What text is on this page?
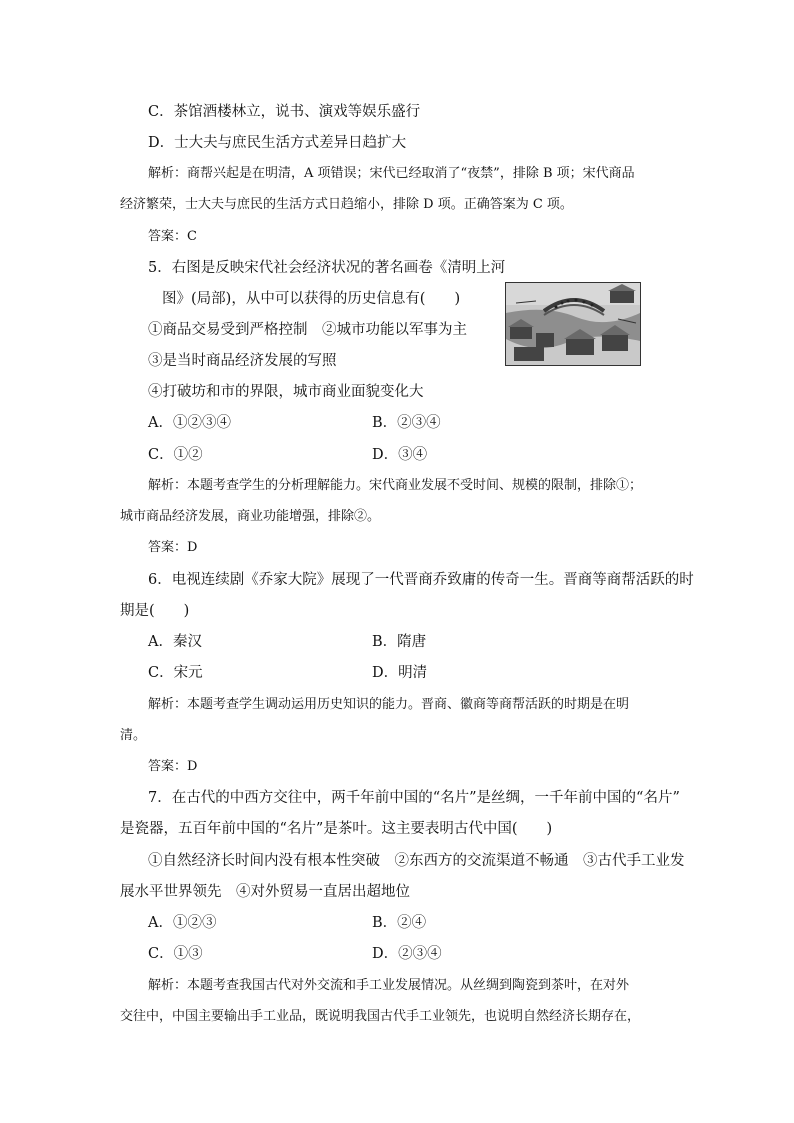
C．茶馆酒楼林立，说书、演戏等娱乐盛行
D．士大夫与庶民生活方式差异日趋扩大
解析：商帮兴起是在明清，A 项错误；宋代已经取消了“夜禁”，排除 B 项；宋代商品
经济繁荣，士大夫与庶民的生活方式日趋缩小，排除 D 项。正确答案为 C 项。
答案：C
5．右图是反映宋代社会经济状况的著名画卷《清明上河
图》(局部)，从中可以获得的历史信息有(　　)
①商品交易受到严格控制　②城市功能以军事为主
③是当时商品经济发展的写照
④打破坊和市的界限，城市商业面貌变化大
A．①②③④	B．②③④
C．①②	D．③④
解析：本题考查学生的分析理解能力。宋代商业发展不受时间、规模的限制，排除①；
城市商品经济发展，商业功能增强，排除②。
答案：D
6．电视连续剧《乔家大院》展现了一代晋商乔致庸的传奇一生。晋商等商帮活跃的时
期是(　　)
A．秦汉	B．隋唐
C．宋元	D．明清
解析：本题考查学生调动运用历史知识的能力。晋商、徽商等商帮活跃的时期是在明
清。
答案：D
7．在古代的中西方交往中，两千年前中国的“名片”是丝绸，一千年前中国的“名片”
是瓷器，五百年前中国的“名片”是茶叶。这主要表明古代中国(　　)
①自然经济长时间内没有根本性突破　②东西方的交流渠道不畅通　③古代手工业发
展水平世界领先　④对外贸易一直居出超地位
A．①②③	B．②④
C．①③	D．②③④
解析：本题考查我国古代对外交流和手工业发展情况。从丝绸到陶瓷到茶叶，在对外
交往中，中国主要输出手工业品，既说明我国古代手工业领先，也说明自然经济长期存在，
